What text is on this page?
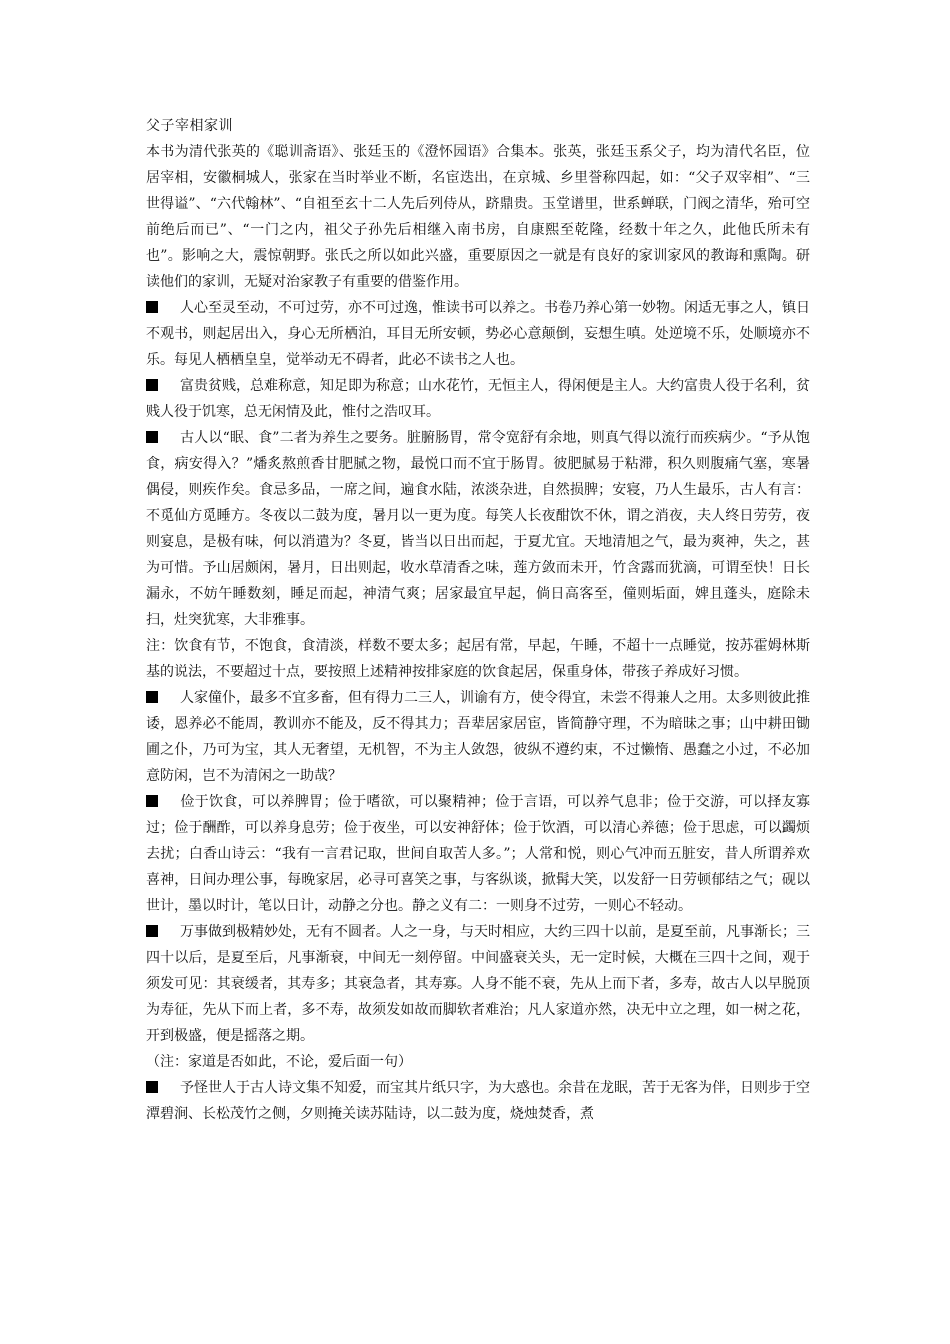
父子宰相家训

本书为清代张英的《聪训斋语》、张廷玉的《澄怀园语》合集本。张英，张廷玉系父子，均为清代名臣，位居宰相，安徽桐城人，张家在当时举业不断，名宦迭出，在京城、乡里誉称四起，如：“父子双宰相”、“三世得谥”、“六代翰林”、“自祖至玄十二人先后列侍从，跻鼎贵。玉堂谱里，世系蝉联，门阀之清华，殆可空前绝后而已”、“一门之内，祖父子孙先后相继入南书房，自康熙至乾隆，经数十年之久，此他氏所未有也”。影响之大，震惊朝野。张氏之所以如此兴盛，重要原因之一就是有良好的家训家风的教诲和熏陶。研读他们的家训，无疑对治家教子有重要的借鉴作用。

人心至灵至动，不可过劳，亦不可过逸，惟读书可以养之。书卷乃养心第一妙物。闲适无事之人，镇日不观书，则起居出入，身心无所栖泊，耳目无所安顿，势必心意颠倒，妄想生嗔。处逆境不乐，处顺境亦不乐。每见人栖栖皇皇，觉举动无不碍者，此必不读书之人也。

富贵贫贱，总难称意，知足即为称意；山水花竹，无恒主人，得闲便是主人。大约富贵人役于名利，贫贱人役于饥寒，总无闲情及此，惟付之浩叹耳。

古人以“眠、食”二者为养生之要务。脏腑肠胃，常令宽舒有余地，则真气得以流行而疾病少。“予从饱食，病安得入？”燔炙熬煎香甘肥腻之物，最悦口而不宜于肠胃。彼肥腻易于粘滞，积久则腹痛气塞，寒暑偶侵，则疾作矣。食忌多品，一席之间，遍食水陆，浓淡杂进，自然损脾；安寝，乃人生最乐，古人有言：不觅仙方觅睡方。冬夜以二鼓为度，暑月以一更为度。每笑人长夜酣饮不休，谓之消夜，夫人终日劳劳，夜则宴息，是极有味，何以消遣为？冬夏，皆当以日出而起，于夏尤宜。天地清旭之气，最为爽神，失之，甚为可惜。予山居颇闲，暑月，日出则起，收水草清香之味，莲方敛而未开，竹含露而犹滴，可谓至快！日长漏永，不妨午睡数刻，睡足而起，神清气爽；居家最宜早起，倘日高客至，僮则垢面，婢且蓬头，庭除未扫，灶突犹寒，大非雅事。

注：饮食有节，不饱食，食清淡，样数不要太多；起居有常，早起，午睡，不超十一点睡觉，按苏霍姆林斯基的说法，不要超过十点，要按照上述精神按排家庭的饮食起居，保重身体，带孩子养成好习惯。

人家僮仆，最多不宜多畜，但有得力二三人，训谕有方，使令得宜，未尝不得兼人之用。太多则彼此推诿，恩养必不能周，教训亦不能及，反不得其力；吾辈居家居宦，皆简静守理，不为暗昧之事；山中耕田锄圃之仆，乃可为宝，其人无奢望，无机智，不为主人敛怨，彼纵不遵约束，不过懒惰、愚蠢之小过，不必加意防闲，岂不为清闲之一助哉？

俭于饮食，可以养脾胃；俭于嗜欲，可以聚精神；俭于言语，可以养气息非；俭于交游，可以择友寡过；俭于酬酢，可以养身息劳；俭于夜坐，可以安神舒体；俭于饮酒，可以清心养德；俭于思虑，可以蠲烦去扰；白香山诗云：“我有一言君记取，世间自取苦人多。”；人常和悦，则心气冲而五脏安，昔人所谓养欢喜神，日间办理公事，每晚家居，必寻可喜笑之事，与客纵谈，掀髯大笑，以发舒一日劳顿郁结之气；砚以世计，墨以时计，笔以日计，动静之分也。静之义有二：一则身不过劳，一则心不轻动。

万事做到极精妙处，无有不圆者。人之一身，与天时相应，大约三四十以前，是夏至前，凡事渐长；三四十以后，是夏至后，凡事渐衰，中间无一刻停留。中间盛衰关头，无一定时候，大概在三四十之间，观于须发可见：其衰缓者，其寿多；其衰急者，其寿寡。人身不能不衰，先从上而下者，多寿，故古人以早脱顶为寿征，先从下而上者，多不寿，故须发如故而脚软者难治；凡人家道亦然，决无中立之理，如一树之花，开到极盛，便是摇落之期。

（注：家道是否如此，不论，爱后面一句）

予怪世人于古人诗文集不知爱，而宝其片纸只字，为大惑也。余昔在龙眠，苦于无客为伴，日则步于空潭碧涧、长松茂竹之侧，夕则掩关读苏陆诗，以二鼓为度，烧烛焚香，煮
